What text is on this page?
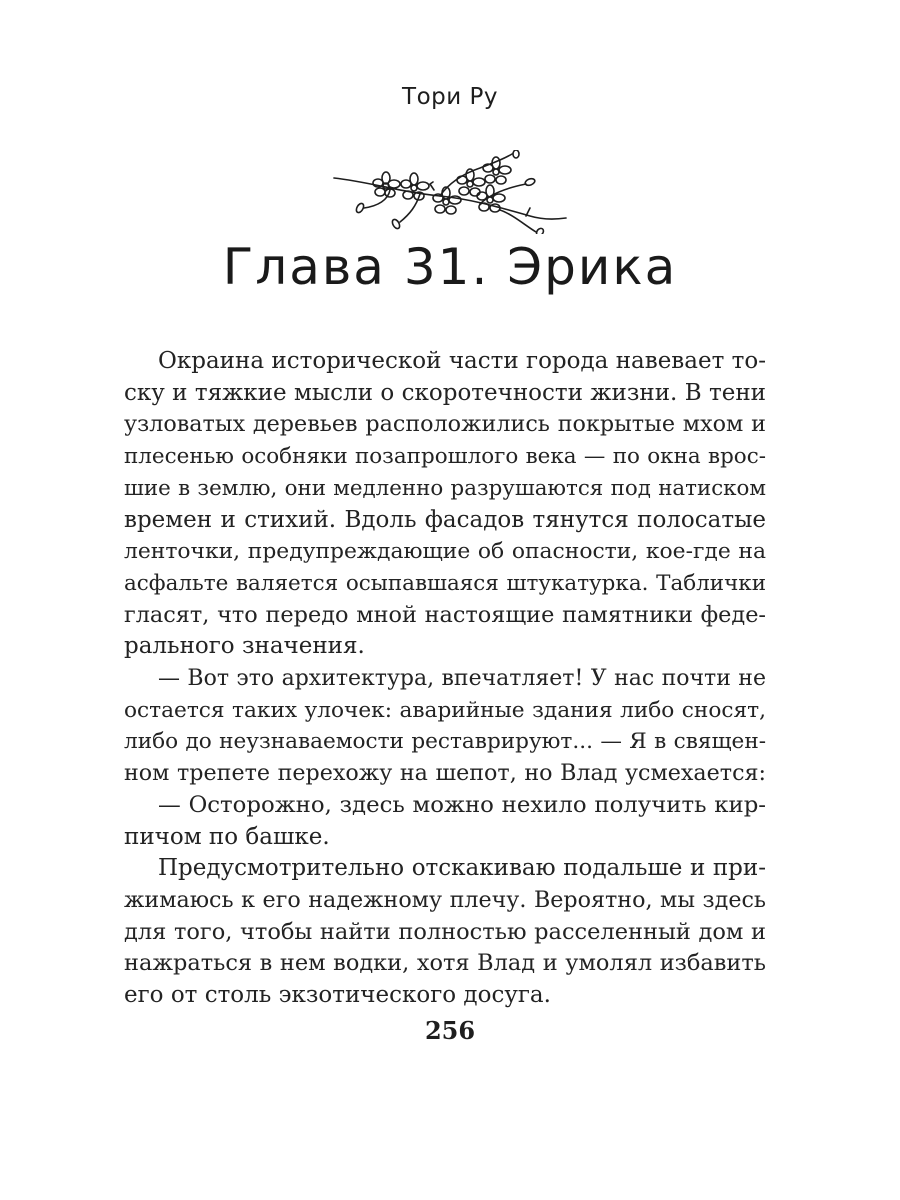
Тори Ру
Глава 31. Эрика

Окраина исторической части города навевает то-
ску и тяжкие мысли о скоротечности жизни. В тени
узловатых деревьев расположились покрытые мхом и
плесенью особняки позапрошлого века — по окна врос-
шие в землю, они медленно разрушаются под натиском
времен и стихий. Вдоль фасадов тянутся полосатые
ленточки, предупреждающие об опасности, кое-где на
асфальте валяется осыпавшаяся штукатурка. Таблички
гласят, что передо мной настоящие памятники феде-
рального значения.

— Вот это архитектура, впечатляет! У нас почти не
остается таких улочек: аварийные здания либо сносят,
либо до неузнаваемости реставрируют... — Я в священ-
ном трепете перехожу на шепот, но Влад усмехается:

— Осторожно, здесь можно нехило получить кир-
пичом по башке.

Предусмотрительно отскакиваю подальше и при-
жимаюсь к его надежному плечу. Вероятно, мы здесь
для того, чтобы найти полностью расселенный дом и
нажраться в нем водки, хотя Влад и умолял избавить
его от столь экзотического досуга.

256
